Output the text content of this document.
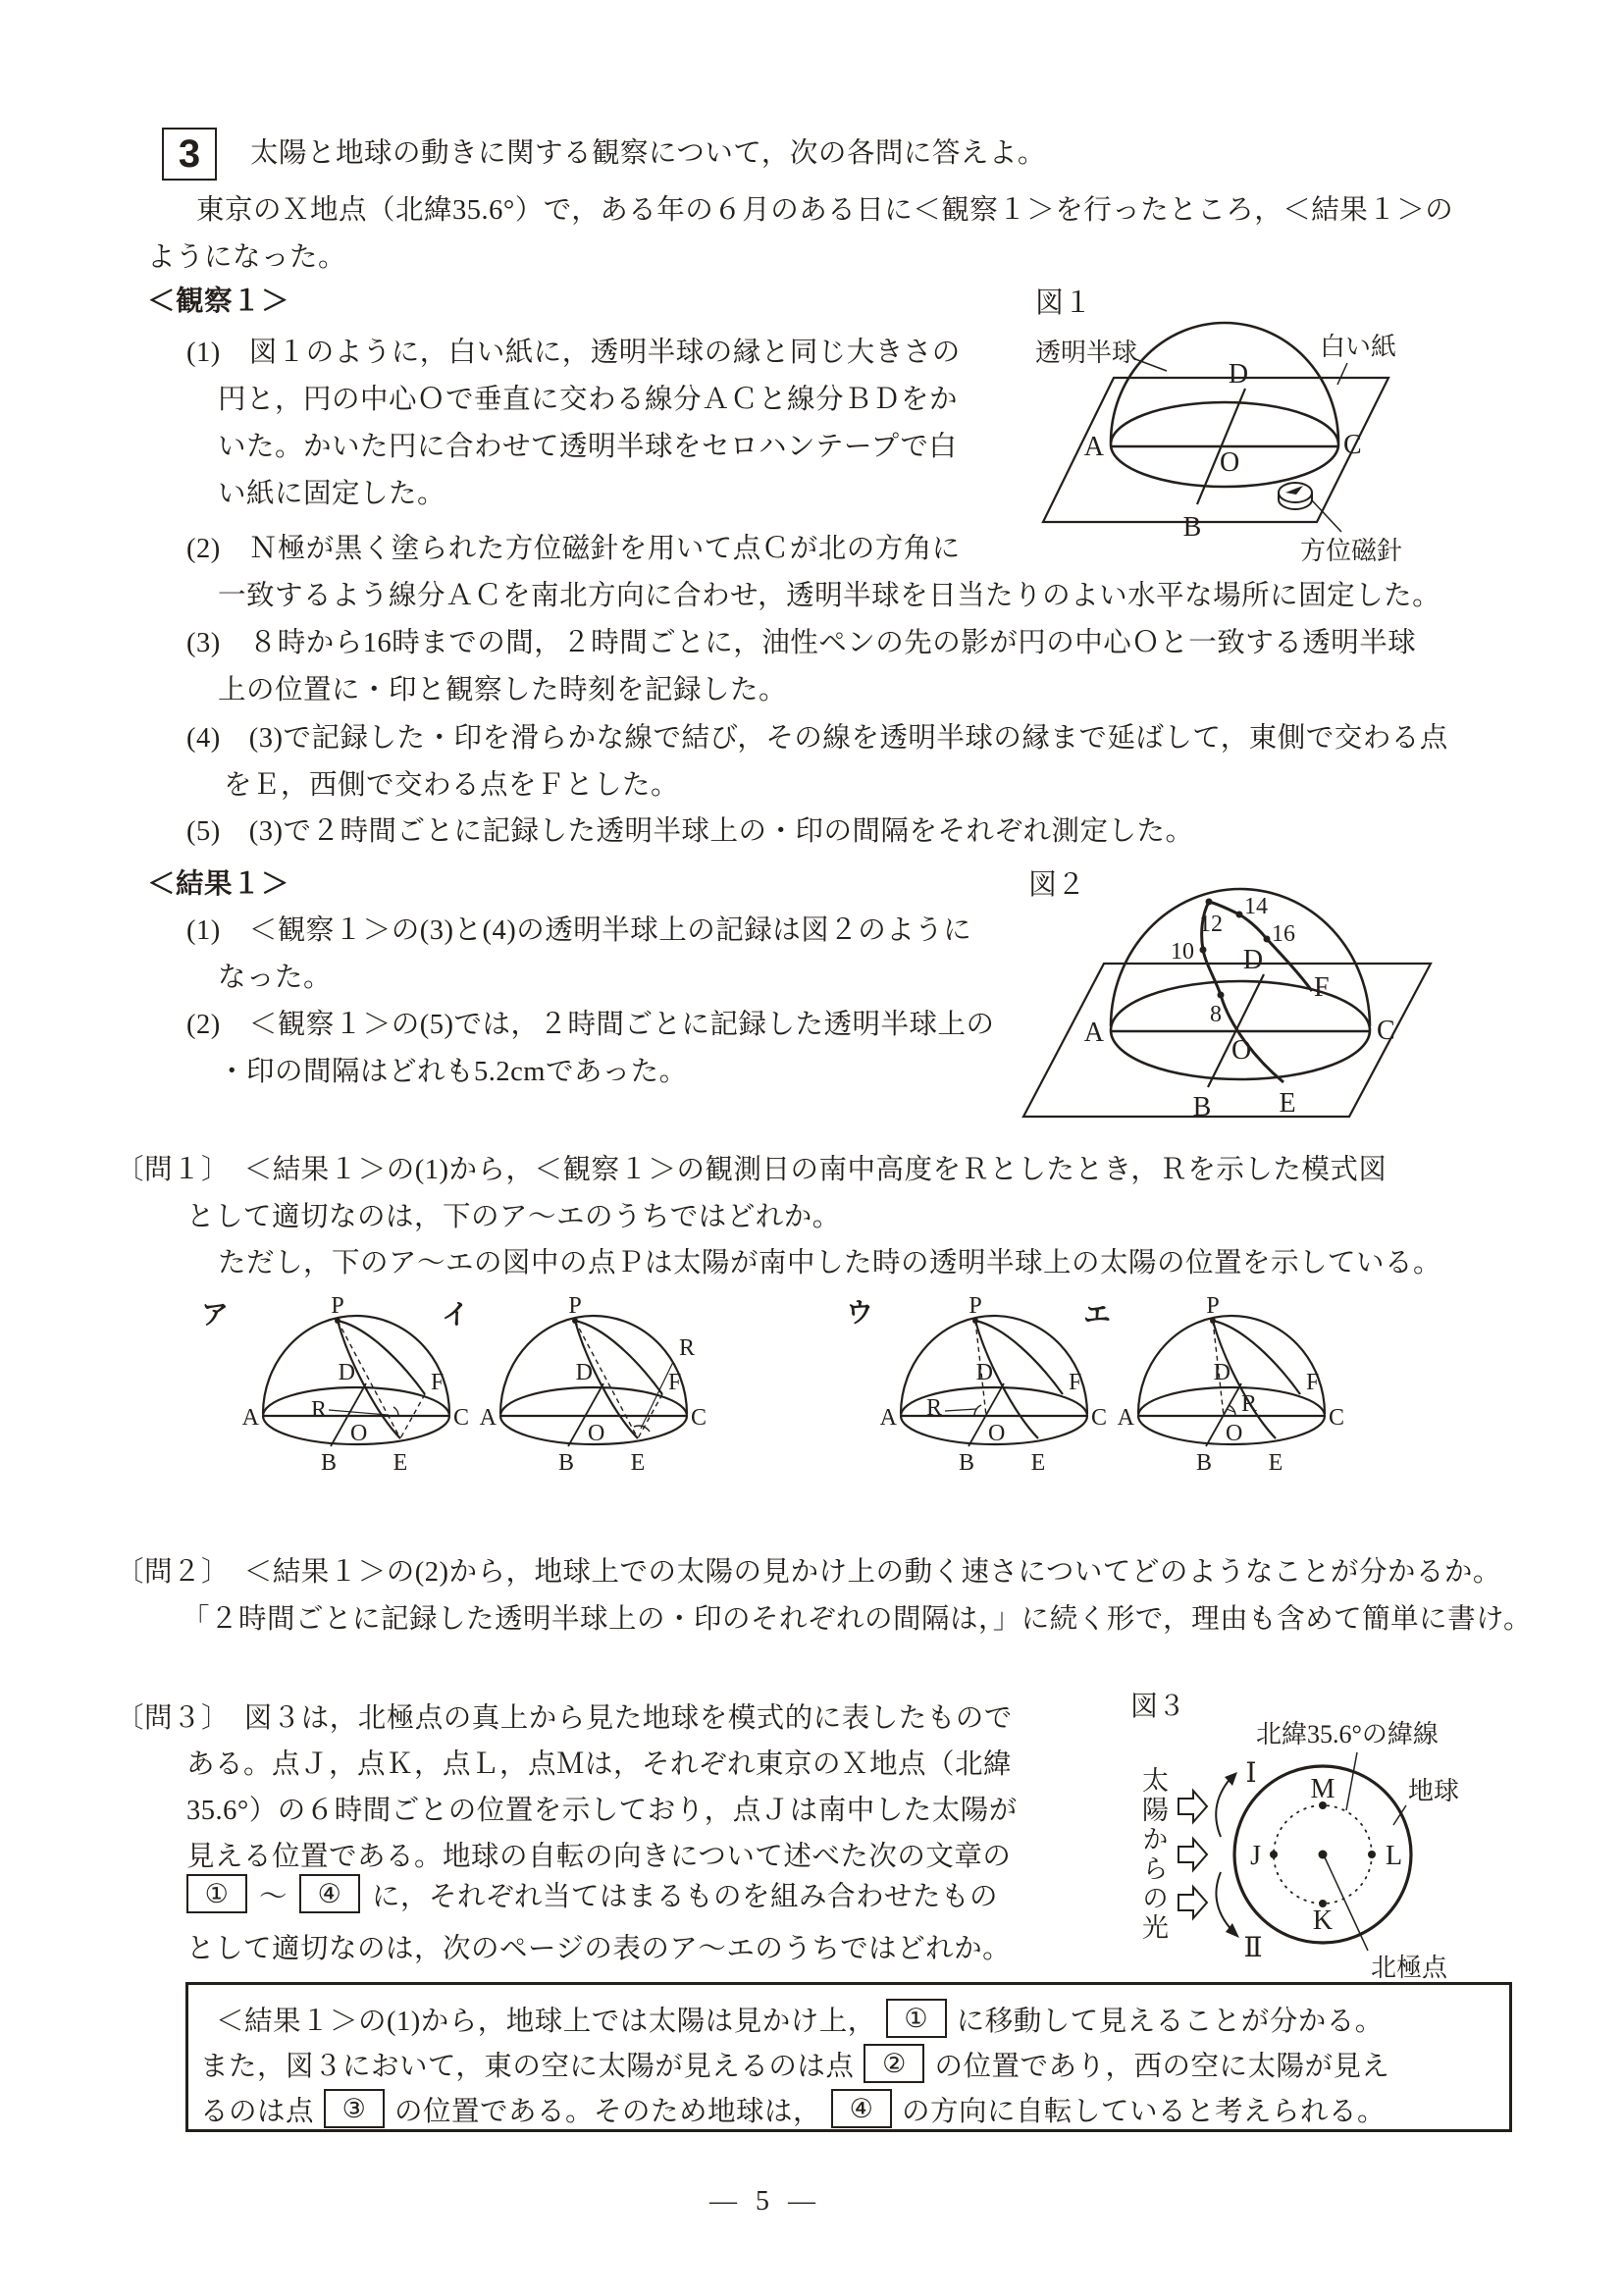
3 太陽と地球の動きに関する観察について，次の各問に答えよ。
東京のＸ地点（北緯35.6°）で，ある年の６月のある日に＜観察１＞を行ったところ，＜結果１＞の
ようになった。
＜観察１＞
(1)　図１のように，白い紙に，透明半球の縁と同じ大きさの
円と，円の中心Ｏで垂直に交わる線分ＡＣと線分ＢＤをか
いた。かいた円に合わせて透明半球をセロハンテープで白
い紙に固定した。
(2)　Ｎ極が黒く塗られた方位磁針を用いて点Ｃが北の方角に
一致するよう線分ＡＣを南北方向に合わせ，透明半球を日当たりのよい水平な場所に固定した。
(3)　８時から16時までの間，２時間ごとに，油性ペンの先の影が円の中心Ｏと一致する透明半球
上の位置に・印と観察した時刻を記録した。
(4)　(3)で記録した・印を滑らかな線で結び，その線を透明半球の縁まで延ばして，東側で交わる点
をＥ，西側で交わる点をＦとした。
(5)　(3)で２時間ごとに記録した透明半球上の・印の間隔をそれぞれ測定した。
図１
A	C
D
B
O
透明半球	白い紙
方位磁針
＜結果１＞
(1)　＜観察１＞の(3)と(4)の透明半球上の記録は図２のように
なった。
(2)　＜観察１＞の(5)では，２時間ごとに記録した透明半球上の
・印の間隔はどれも5.2cmであった。
図２
8
10
12
14
16
A	C
D
B
O
F
E
〔問１〕　＜結果１＞の(1)から，＜観察１＞の観測日の南中高度をＲとしたとき，Ｒを示した模式図
として適切なのは，下のア～エのうちではどれか。
ただし，下のア～エの図中の点Ｐは太陽が南中した時の透明半球上の太陽の位置を示している。
ア	イ	ウ	エ
P
R
A	C
D	F
O
B E
P
R
A	C
D	F
O
B E
P
R
A	C
D	F
O
B E
P
R
A	C
D	F
O
B E
〔問２〕　＜結果１＞の(2)から，地球上での太陽の見かけ上の動く速さについてどのようなことが分かるか。
「２時間ごとに記録した透明半球上の・印のそれぞれの間隔は，」に続く形で，理由も含めて簡単に書け。
〔問３〕　図３は，北極点の真上から見た地球を模式的に表したもので
ある。点Ｊ，点Ｋ，点Ｌ，点Ｍは，それぞれ東京のＸ地点（北緯
35.6°）の６時間ごとの位置を示しており，点Ｊは南中した太陽が
見える位置である。地球の自転の向きについて述べた次の文章の
① ～ ④ に，それぞれ当てはまるものを組み合わせたもの
として適切なのは，次のページの表のア～エのうちではどれか。
図３
北緯35.6°の緯線
M
J	L
K
北極点
地球
Ⅰ
Ⅱ
太陽からの光
＜結果１＞の(1)から，地球上では太陽は見かけ上， ① に移動して見えることが分かる。
また，図３において，東の空に太陽が見えるのは点 ② の位置であり，西の空に太陽が見え
るのは点 ③ の位置である。そのため地球は， ④ の方向に自転していると考えられる。
― 5 ―
